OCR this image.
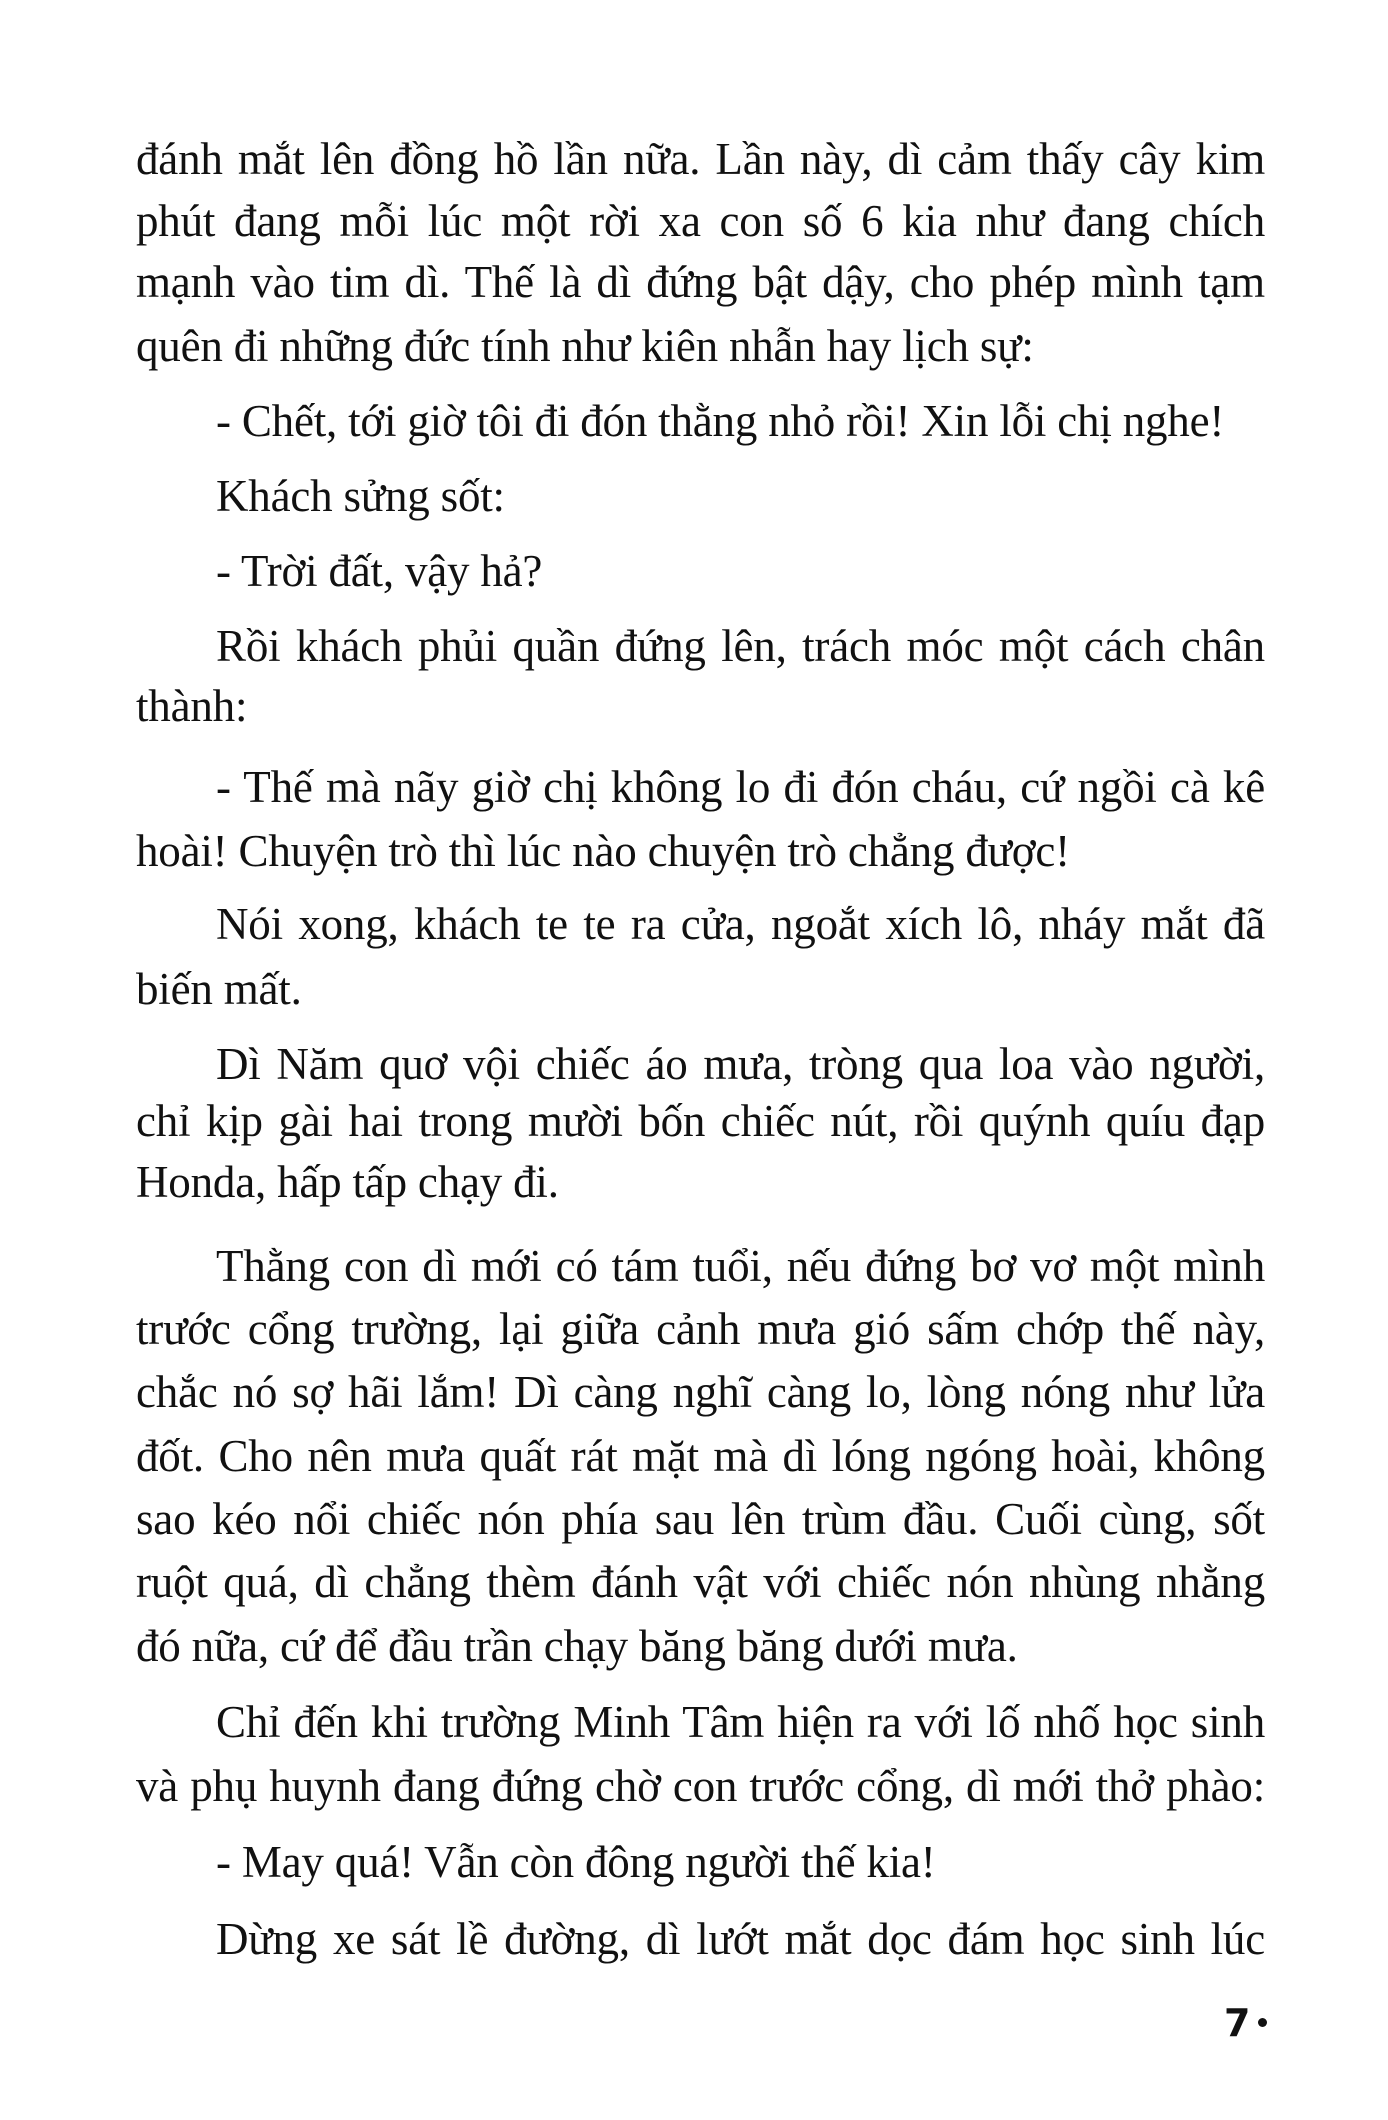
đánh mắt lên đồng hồ lần nữa. Lần này, dì cảm thấy cây kim
phút đang mỗi lúc một rời xa con số 6 kia như đang chích
mạnh vào tim dì. Thế là dì đứng bật dậy, cho phép mình tạm
quên đi những đức tính như kiên nhẫn hay lịch sự:
- Chết, tới giờ tôi đi đón thằng nhỏ rồi! Xin lỗi chị nghe!
Khách sửng sốt:
- Trời đất, vậy hả?
Rồi khách phủi quần đứng lên, trách móc một cách chân
thành:
- Thế mà nãy giờ chị không lo đi đón cháu, cứ ngồi cà kê
hoài! Chuyện trò thì lúc nào chuyện trò chẳng được!
Nói xong, khách te te ra cửa, ngoắt xích lô, nháy mắt đã
biến mất.
Dì Năm quơ vội chiếc áo mưa, tròng qua loa vào người,
chỉ kịp gài hai trong mười bốn chiếc nút, rồi quýnh quíu đạp
Honda, hấp tấp chạy đi.
Thằng con dì mới có tám tuổi, nếu đứng bơ vơ một mình
trước cổng trường, lại giữa cảnh mưa gió sấm chớp thế này,
chắc nó sợ hãi lắm! Dì càng nghĩ càng lo, lòng nóng như lửa
đốt. Cho nên mưa quất rát mặt mà dì lóng ngóng hoài, không
sao kéo nổi chiếc nón phía sau lên trùm đầu. Cuối cùng, sốt
ruột quá, dì chẳng thèm đánh vật với chiếc nón nhùng nhằng
đó nữa, cứ để đầu trần chạy băng băng dưới mưa.
Chỉ đến khi trường Minh Tâm hiện ra với lố nhố học sinh
và phụ huynh đang đứng chờ con trước cổng, dì mới thở phào:
- May quá! Vẫn còn đông người thế kia!
Dừng xe sát lề đường, dì lướt mắt dọc đám học sinh lúc
7
